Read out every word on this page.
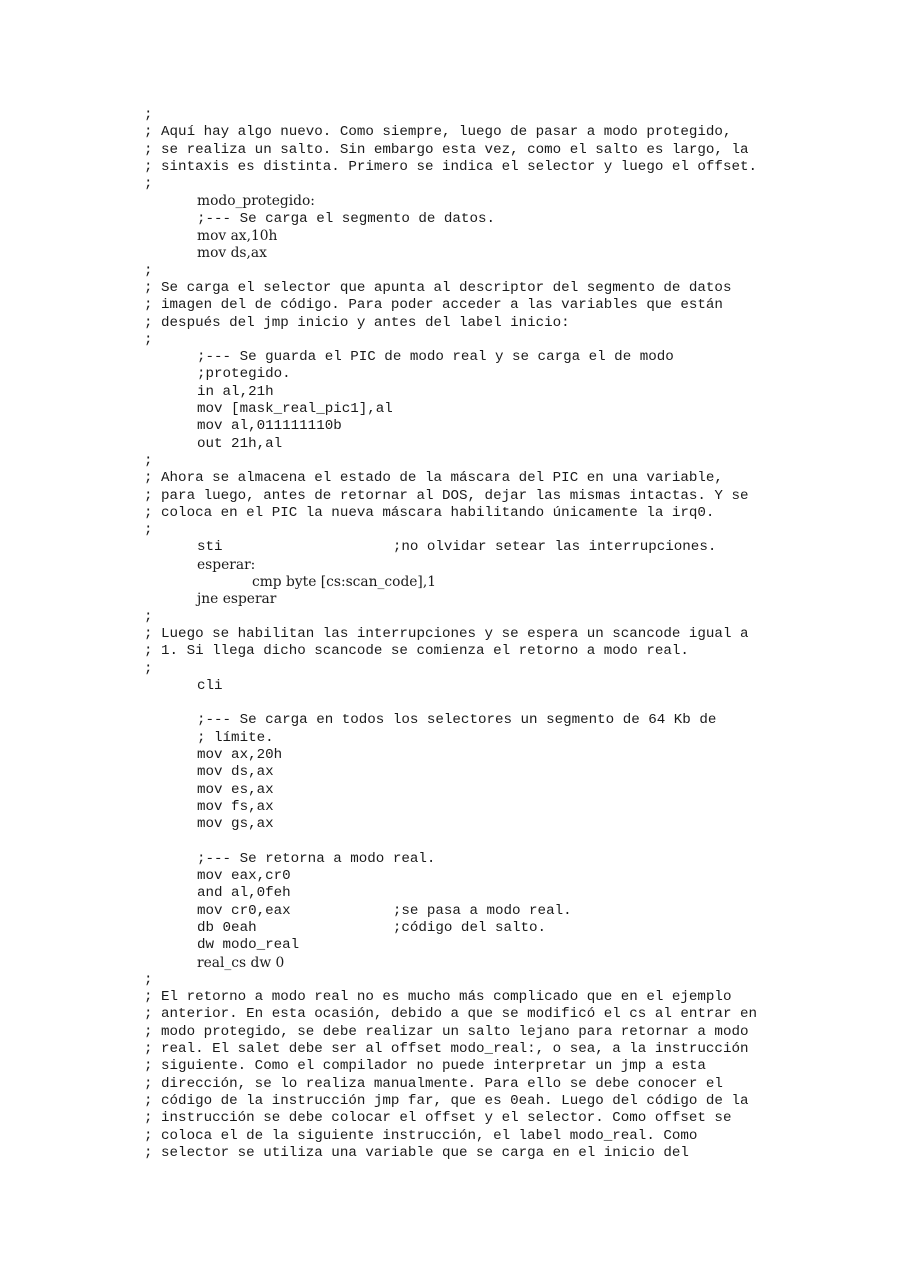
;
; Aquí hay algo nuevo. Como siempre, luego de pasar a modo protegido,
; se realiza un salto. Sin embargo esta vez, como el salto es largo, la
; sintaxis es distinta. Primero se indica el selector y luego el offset.
;
modo_protegido:
;--- Se carga el segmento de datos.
mov ax,10h
mov ds,ax
;
; Se carga el selector que apunta al descriptor del segmento de datos
; imagen del de código. Para poder acceder a las variables que están
; después del jmp inicio y antes del label inicio:
;
;--- Se guarda el PIC de modo real y se carga el de modo
;protegido.
in al,21h
mov [mask_real_pic1],al
mov al,011111110b
out 21h,al
;
; Ahora se almacena el estado de la máscara del PIC en una variable,
; para luego, antes de retornar al DOS, dejar las mismas intactas. Y se
; coloca en el PIC la nueva máscara habilitando únicamente la irq0.
;
sti                    ;no olvidar setear las interrupciones.
esperar:
cmp byte [cs:scan_code],1
jne esperar
;
; Luego se habilitan las interrupciones y se espera un scancode igual a
; 1. Si llega dicho scancode se comienza el retorno a modo real.
;
cli
;--- Se carga en todos los selectores un segmento de 64 Kb de
; límite.
mov ax,20h
mov ds,ax
mov es,ax
mov fs,ax
mov gs,ax
;--- Se retorna a modo real.
mov eax,cr0
and al,0feh
mov cr0,eax            ;se pasa a modo real.
db 0eah                ;código del salto.
dw modo_real
real_cs dw 0
;
; El retorno a modo real no es mucho más complicado que en el ejemplo
; anterior. En esta ocasión, debido a que se modificó el cs al entrar en
; modo protegido, se debe realizar un salto lejano para retornar a modo
; real. El salet debe ser al offset modo_real:, o sea, a la instrucción
; siguiente. Como el compilador no puede interpretar un jmp a esta
; dirección, se lo realiza manualmente. Para ello se debe conocer el
; código de la instrucción jmp far, que es 0eah. Luego del código de la
; instrucción se debe colocar el offset y el selector. Como offset se
; coloca el de la siguiente instrucción, el label modo_real. Como
; selector se utiliza una variable que se carga en el inicio del
